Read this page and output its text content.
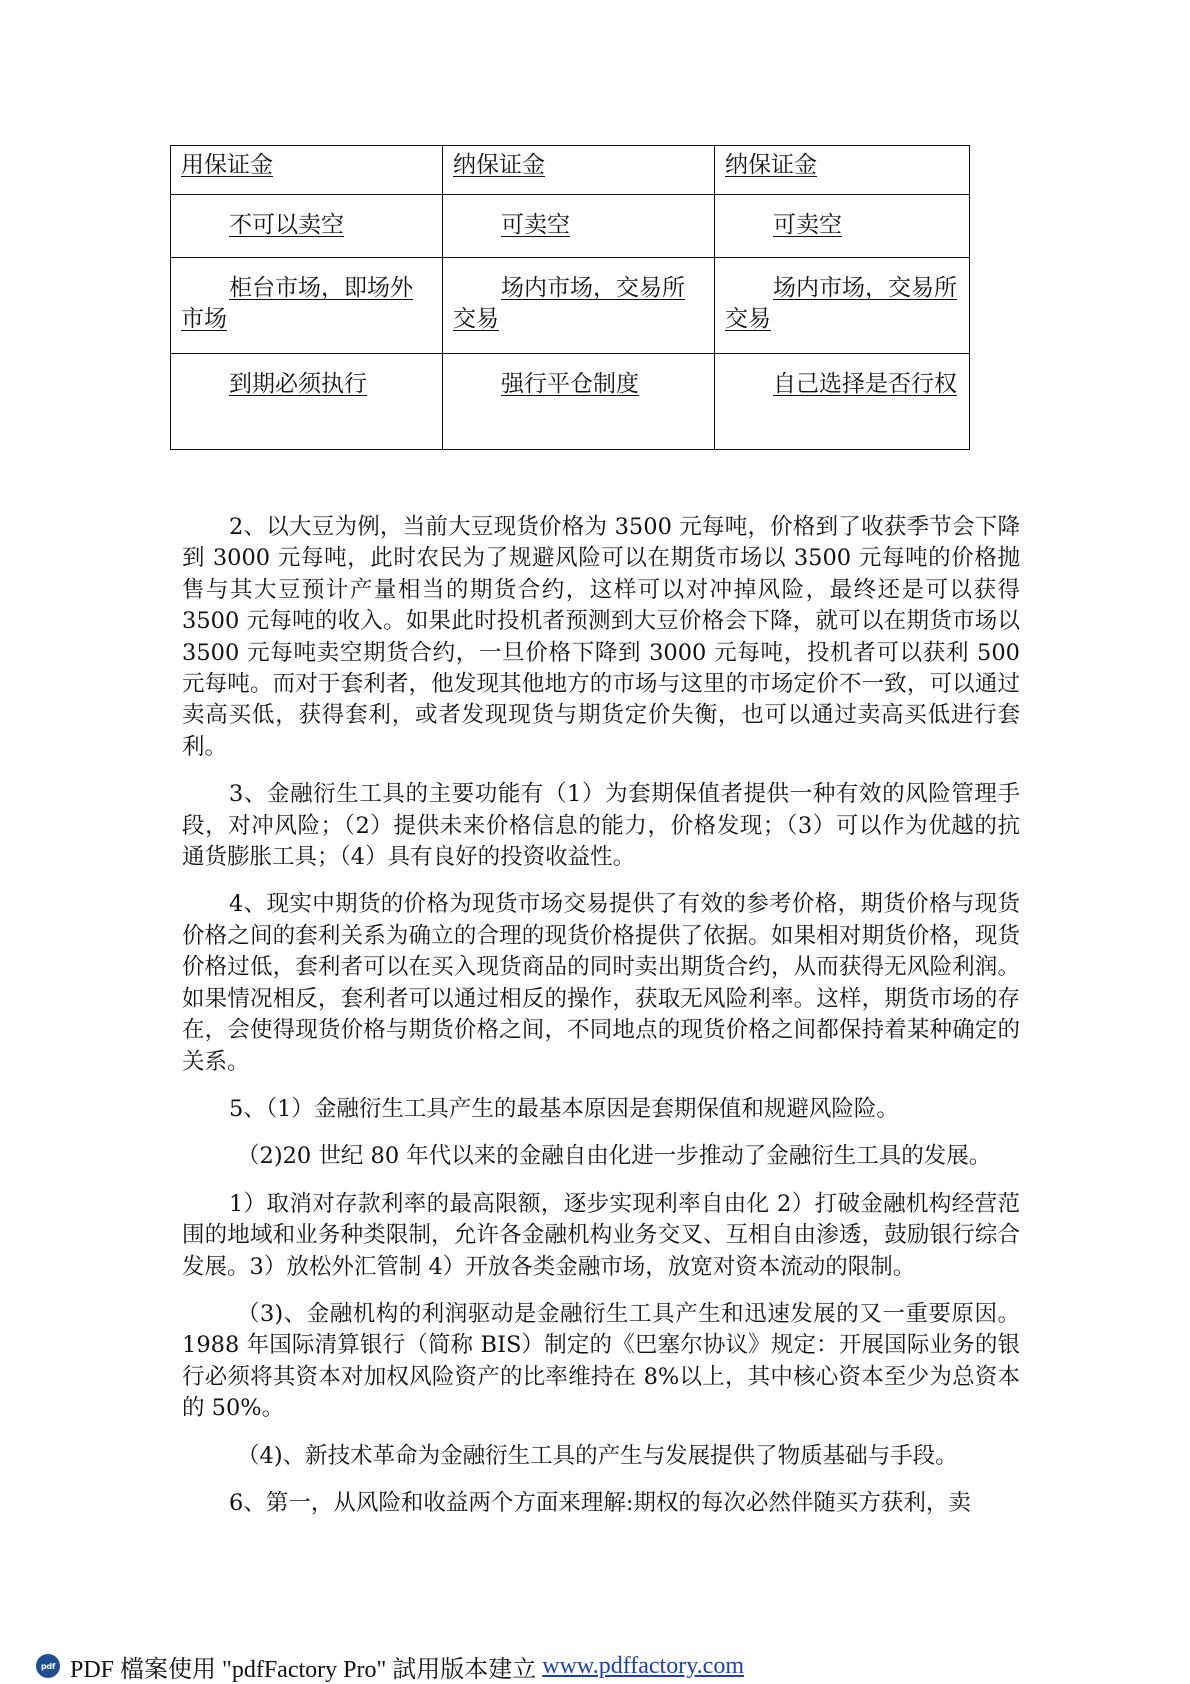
用保证金	纳保证金	纳保证金
不可以卖空	可卖空	可卖空
柜台市场，即场外市场	场内市场，交易所交易	场内市场，交易所交易
到期必须执行	强行平仓制度	自己选择是否行权

2、以大豆为例，当前大豆现货价格为 3500 元每吨，价格到了收获季节会下降到 3000 元每吨，此时农民为了规避风险可以在期货市场以 3500 元每吨的价格抛售与其大豆预计产量相当的期货合约，这样可以对冲掉风险，最终还是可以获得 3500 元每吨的收入。如果此时投机者预测到大豆价格会下降，就可以在期货市场以 3500 元每吨卖空期货合约，一旦价格下降到 3000 元每吨，投机者可以获利 500 元每吨。而对于套利者，他发现其他地方的市场与这里的市场定价不一致，可以通过卖高买低，获得套利，或者发现现货与期货定价失衡，也可以通过卖高买低进行套利。

3、金融衍生工具的主要功能有（1）为套期保值者提供一种有效的风险管理手段，对冲风险；（2）提供未来价格信息的能力，价格发现；（3）可以作为优越的抗通货膨胀工具；（4）具有良好的投资收益性。

4、现实中期货的价格为现货市场交易提供了有效的参考价格，期货价格与现货价格之间的套利关系为确立的合理的现货价格提供了依据。如果相对期货价格，现货价格过低，套利者可以在买入现货商品的同时卖出期货合约，从而获得无风险利润。如果情况相反，套利者可以通过相反的操作，获取无风险利率。这样，期货市场的存在，会使得现货价格与期货价格之间，不同地点的现货价格之间都保持着某种确定的关系。

5、（1）金融衍生工具产生的最基本原因是套期保值和规避风险险。

（2)20 世纪 80 年代以来的金融自由化进一步推动了金融衍生工具的发展。

1）取消对存款利率的最高限额，逐步实现利率自由化 2）打破金融机构经营范围的地域和业务种类限制，允许各金融机构业务交叉、互相自由渗透，鼓励银行综合发展。3）放松外汇管制 4）开放各类金融市场，放宽对资本流动的限制。

（3)、金融机构的利润驱动是金融衍生工具产生和迅速发展的又一重要原因。1988 年国际清算银行（简称 BIS）制定的《巴塞尔协议》规定：开展国际业务的银行必须将其资本对加权风险资产的比率维持在 8%以上，其中核心资本至少为总资本的 50%。

（4)、新技术革命为金融衍生工具的产生与发展提供了物质基础与手段。

6、第一，从风险和收益两个方面来理解:期权的每次必然伴随买方获利，卖

pdf PDF 檔案使用 "pdfFactory Pro" 試用版本建立 www.pdffactory.com
